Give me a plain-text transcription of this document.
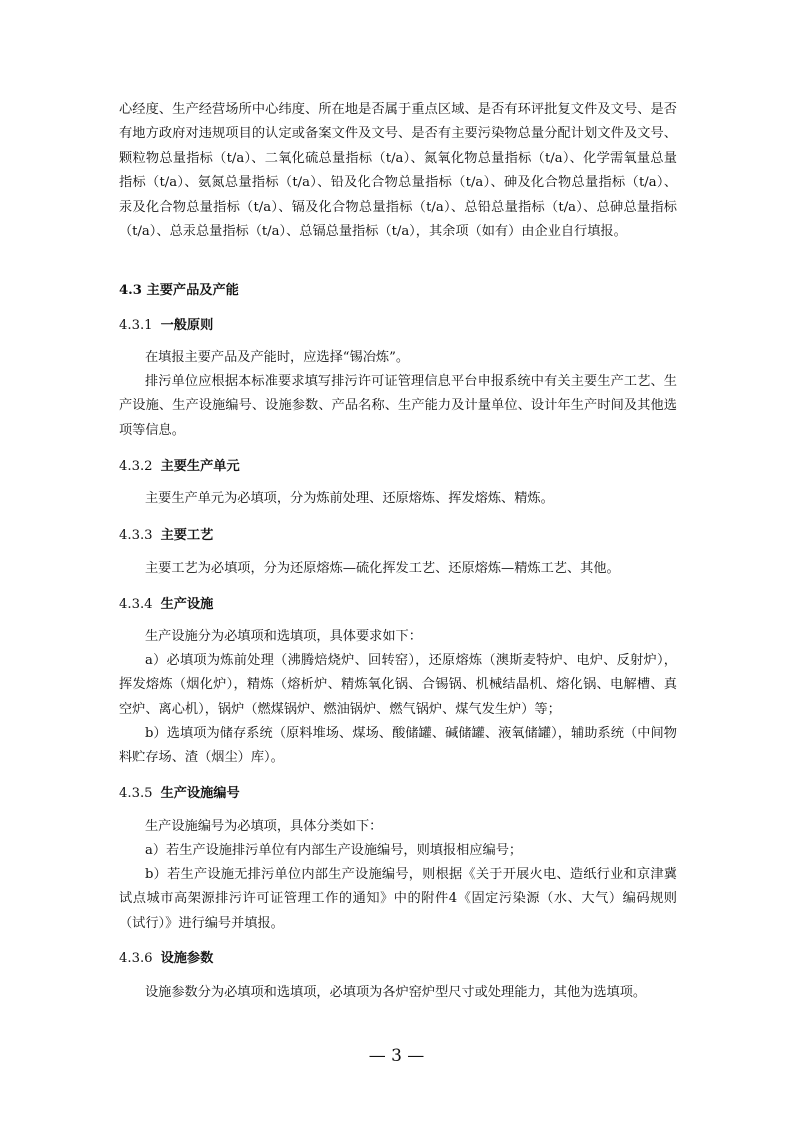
心经度、生产经营场所中心纬度、所在地是否属于重点区域、是否有环评批复文件及文号、是否有地方政府对违规项目的认定或备案文件及文号、是否有主要污染物总量分配计划文件及文号、颗粒物总量指标（t/a）、二氧化硫总量指标（t/a）、氮氧化物总量指标（t/a）、化学需氧量总量指标（t/a）、氨氮总量指标（t/a）、铅及化合物总量指标（t/a）、砷及化合物总量指标（t/a）、汞及化合物总量指标（t/a）、镉及化合物总量指标（t/a）、总铅总量指标（t/a）、总砷总量指标（t/a）、总汞总量指标（t/a）、总镉总量指标（t/a），其余项（如有）由企业自行填报。

4.3 主要产品及产能
4.3.1 一般原则

在填报主要产品及产能时，应选择“锡冶炼”。

排污单位应根据本标准要求填写排污许可证管理信息平台申报系统中有关主要生产工艺、生产设施、生产设施编号、设施参数、产品名称、生产能力及计量单位、设计年生产时间及其他选项等信息。

4.3.2 主要生产单元

主要生产单元为必填项，分为炼前处理、还原熔炼、挥发熔炼、精炼。

4.3.3 主要工艺

主要工艺为必填项，分为还原熔炼—硫化挥发工艺、还原熔炼—精炼工艺、其他。

4.3.4 生产设施

生产设施分为必填项和选填项，具体要求如下：

a）必填项为炼前处理（沸腾焙烧炉、回转窑），还原熔炼（澳斯麦特炉、电炉、反射炉），挥发熔炼（烟化炉），精炼（熔析炉、精炼氧化锅、合锡锅、机械结晶机、熔化锅、电解槽、真空炉、离心机），锅炉（燃煤锅炉、燃油锅炉、燃气锅炉、煤气发生炉）等；

b）选填项为储存系统（原料堆场、煤场、酸储罐、碱储罐、液氧储罐），辅助系统（中间物料贮存场、渣（烟尘）库）。

4.3.5 生产设施编号

生产设施编号为必填项，具体分类如下：

a）若生产设施排污单位有内部生产设施编号，则填报相应编号；

b）若生产设施无排污单位内部生产设施编号，则根据《关于开展火电、造纸行业和京津冀试点城市高架源排污许可证管理工作的通知》中的附件4《固定污染源（水、大气）编码规则（试行）》进行编号并填报。

4.3.6 设施参数

设施参数分为必填项和选填项，必填项为各炉窑炉型尺寸或处理能力，其他为选填项。

— 3 —
